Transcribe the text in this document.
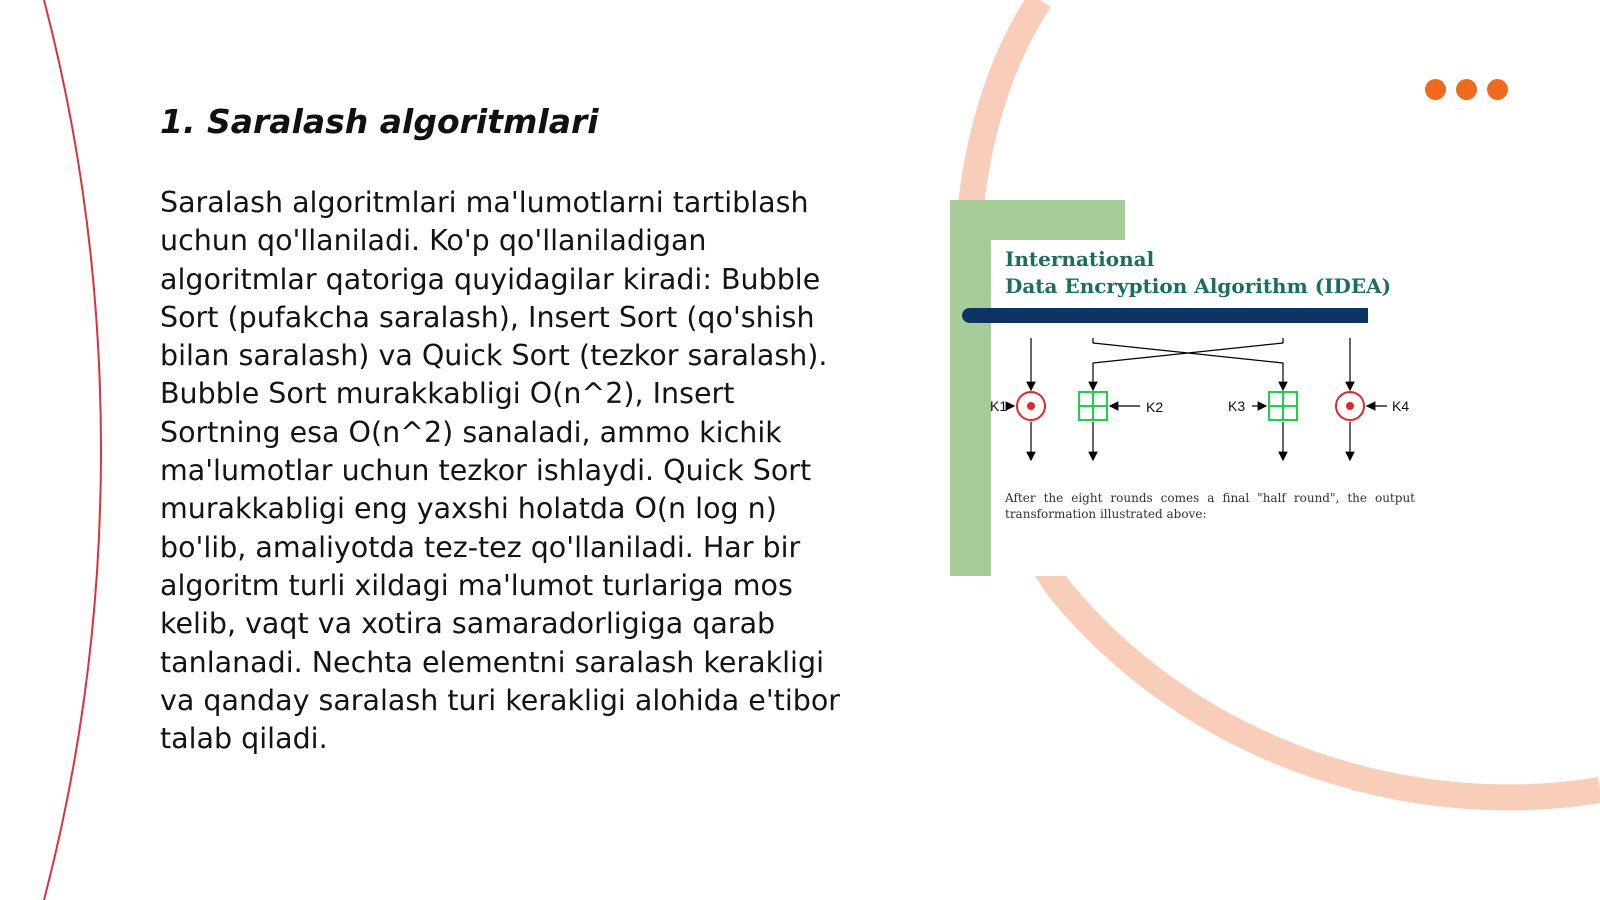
1. Saralash algoritmlari

Saralash algoritmlari ma'lumotlarni tartiblash uchun qo'llaniladi. Ko'p qo'llaniladigan algoritmlar qatoriga quyidagilar kiradi: Bubble Sort (pufakcha saralash), Insert Sort (qo'shish bilan saralash) va Quick Sort (tezkor saralash). Bubble Sort murakkabligi O(n^2), Insert Sortning esa O(n^2) sanaladi, ammo kichik ma'lumotlar uchun tezkor ishlaydi. Quick Sort murakkabligi eng yaxshi holatda O(n log n) bo'lib, amaliyotda tez-tez qo'llaniladi. Har bir algoritm turli xildagi ma'lumot turlariga mos kelib, vaqt va xotira samaradorligiga qarab tanlanadi. Nechta elementni saralash kerakligi va qanday saralash turi kerakligi alohida e'tibor talab qiladi.

International
Data Encryption Algorithm (IDEA)
K1	K2	K3	K4
After the eight rounds comes a final "half round", the output transformation illustrated above:
